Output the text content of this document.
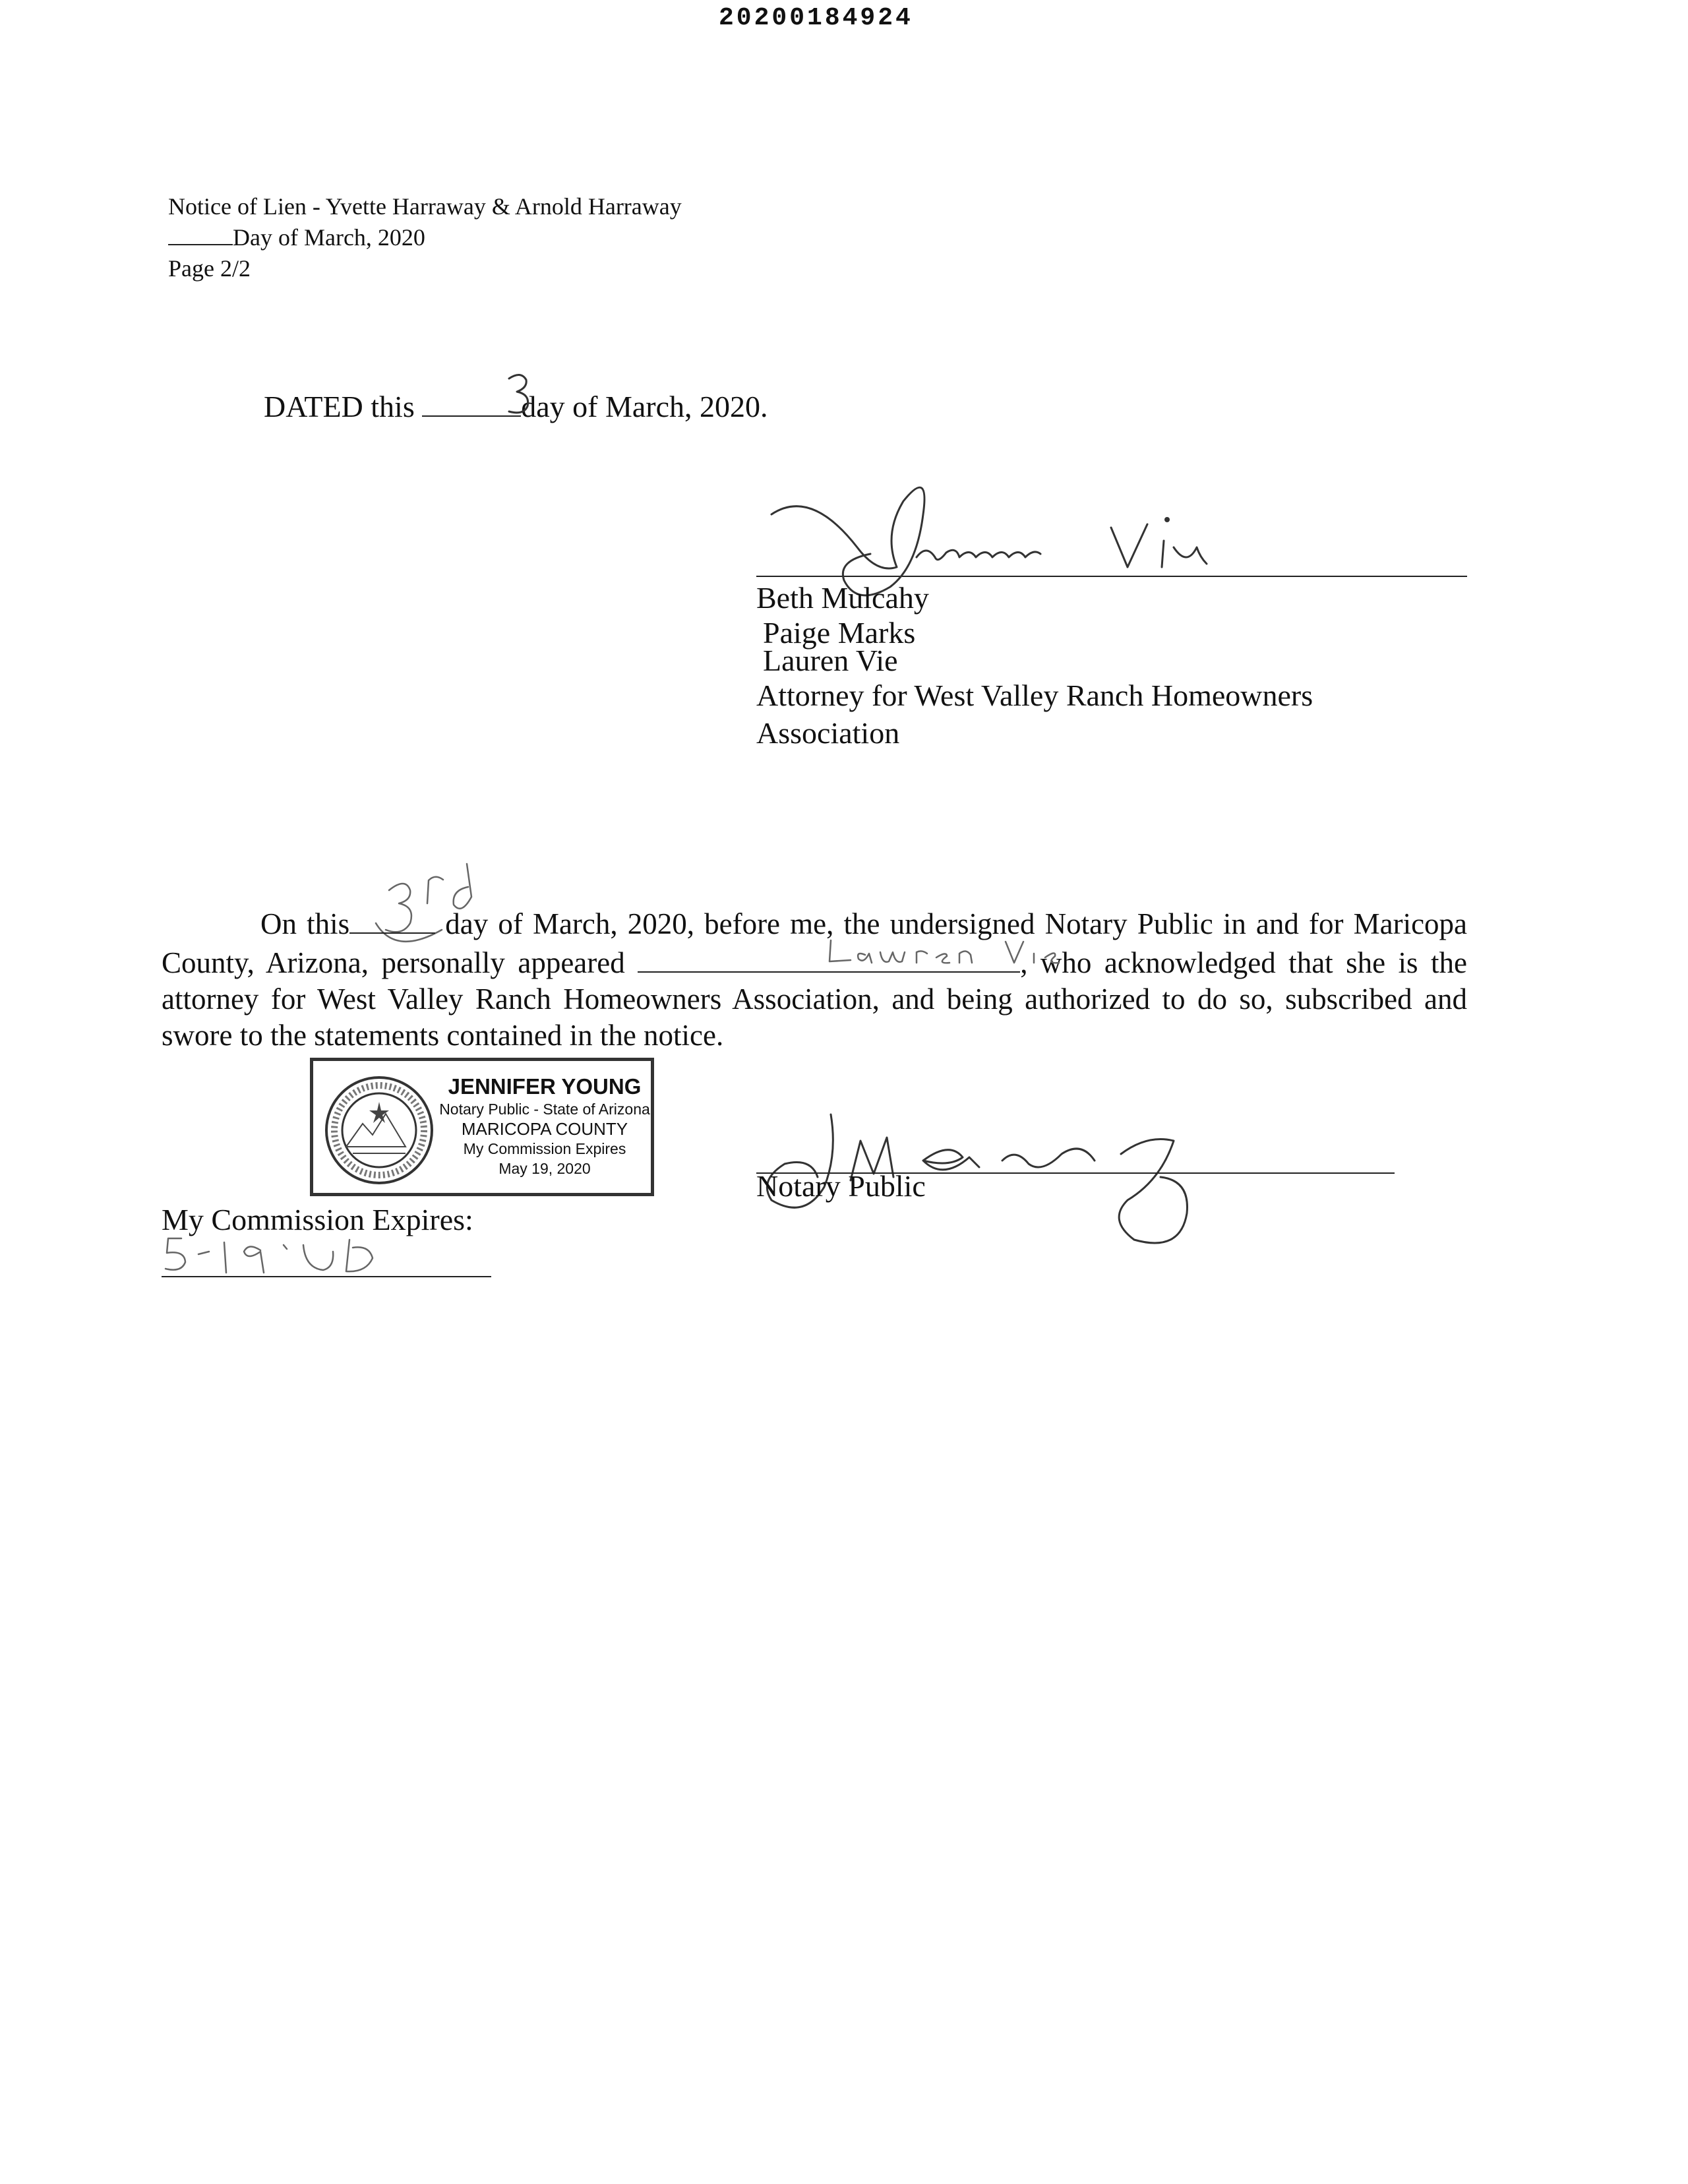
20200184924
Notice of Lien - Yvette Harraway & Arnold Harraway
Day of March, 2020
Page 2/2
DATED this	day of March, 2020.
Beth Mulcahy
Paige Marks
Lauren Vie
Attorney for West Valley Ranch Homeowners
Association
On this	day of March, 2020, before me, the undersigned Notary Public in and for Maricopa County, Arizona, personally appeared	, who acknowledged that she is the attorney for West Valley Ranch Homeowners Association, and being authorized to do so, subscribed and swore to the statements contained in the notice.
JENNIFER YOUNG
Notary Public - State of Arizona
MARICOPA COUNTY
My Commission Expires
May 19, 2020
Notary Public
My Commission Expires:
